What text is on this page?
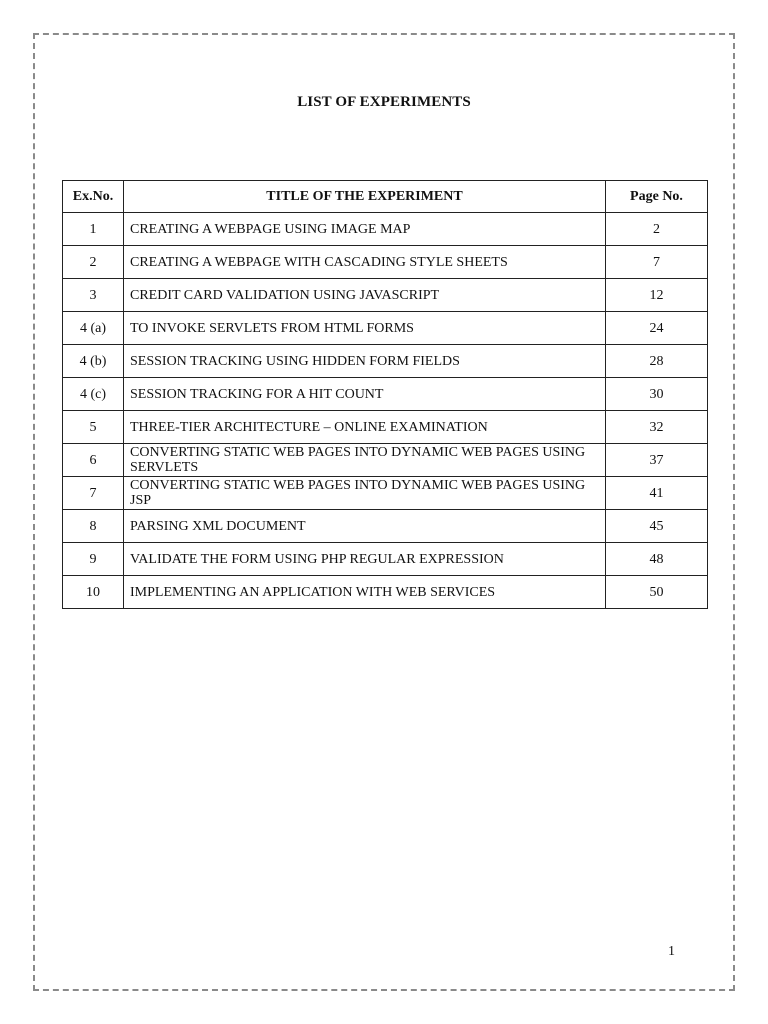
LIST OF EXPERIMENTS
Ex.No.	TITLE OF THE EXPERIMENT	Page No.
1	CREATING A WEBPAGE USING IMAGE MAP	2
2	CREATING A WEBPAGE WITH CASCADING STYLE SHEETS	7
3	CREDIT CARD VALIDATION USING JAVASCRIPT	12
4 (a)	TO INVOKE SERVLETS FROM HTML FORMS	24
4 (b)	SESSION TRACKING USING HIDDEN FORM FIELDS	28
4 (c)	SESSION TRACKING FOR A HIT COUNT	30
5	THREE-TIER ARCHITECTURE – ONLINE EXAMINATION	32
6	CONVERTING STATIC WEB PAGES INTO DYNAMIC WEB PAGES USING SERVLETS	37
7	CONVERTING STATIC WEB PAGES INTO DYNAMIC WEB PAGES USING JSP	41
8	PARSING XML DOCUMENT	45
9	VALIDATE THE FORM USING PHP REGULAR EXPRESSION	48
10	IMPLEMENTING AN APPLICATION WITH WEB SERVICES	50
1
